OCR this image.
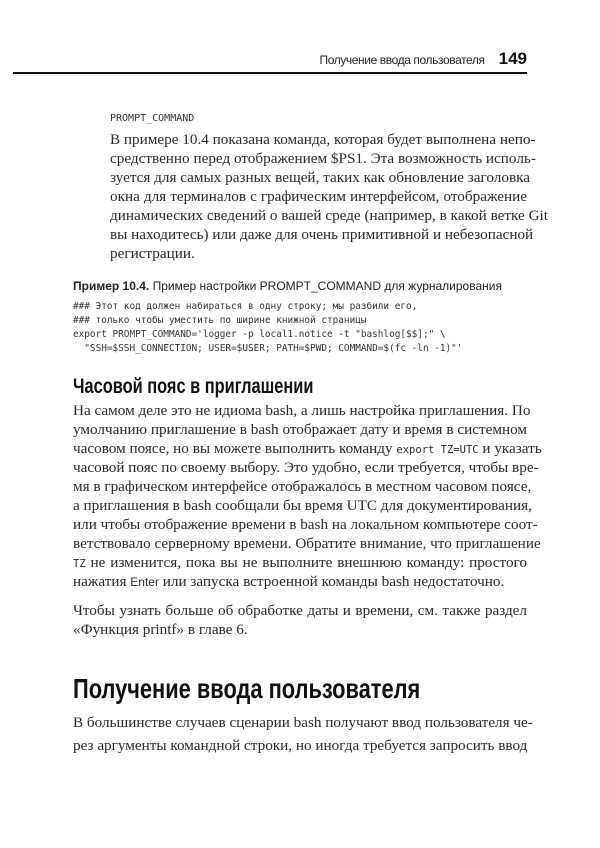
Получение ввода пользователя 149
PROMPT_COMMAND
В примере 10.4 показана команда, которая будет выполнена непо-
средственно перед отображением $PS1. Эта возможность исполь-
зуется для самых разных вещей, таких как обновление заголовка
окна для терминалов с графическим интерфейсом, отображение
динамических сведений о вашей среде (например, в какой ветке Git
вы находитесь) или даже для очень примитивной и небезопасной
регистрации.
Пример 10.4. Пример настройки PROMPT_COMMAND для журналирования
### Этот код должен набираться в одну строку; мы разбили его,
### только чтобы уместить по ширине книжной страницы
export PROMPT_COMMAND='logger -p local1.notice -t "bashlog[$$];" \
"SSH=$SSH_CONNECTION; USER=$USER; PATH=$PWD; COMMAND=$(fc -ln -1)"'
Часовой пояс в приглашении
На самом деле это не идиома bash, а лишь настройка приглашения. По
умолчанию приглашение в bash отображает дату и время в системном
часовом поясе, но вы можете выполнить команду export TZ=UTC и указать
часовой пояс по своему выбору. Это удобно, если требуется, чтобы вре-
мя в графическом интерфейсе отображалось в местном часовом поясе,
а приглашения в bash сообщали бы время UTC для документирования,
или чтобы отображение времени в bash на локальном компьютере соот-
ветствовало серверному времени. Обратите внимание, что приглашение
TZ не изменится, пока вы не выполните внешнюю команду: простого
нажатия Enter или запуска встроенной команды bash недостаточно.
Чтобы узнать больше об обработке даты и времени, см. также раздел
«Функция printf» в главе 6.
Получение ввода пользователя
В большинстве случаев сценарии bash получают ввод пользователя че-
рез аргументы командной строки, но иногда требуется запросить ввод
